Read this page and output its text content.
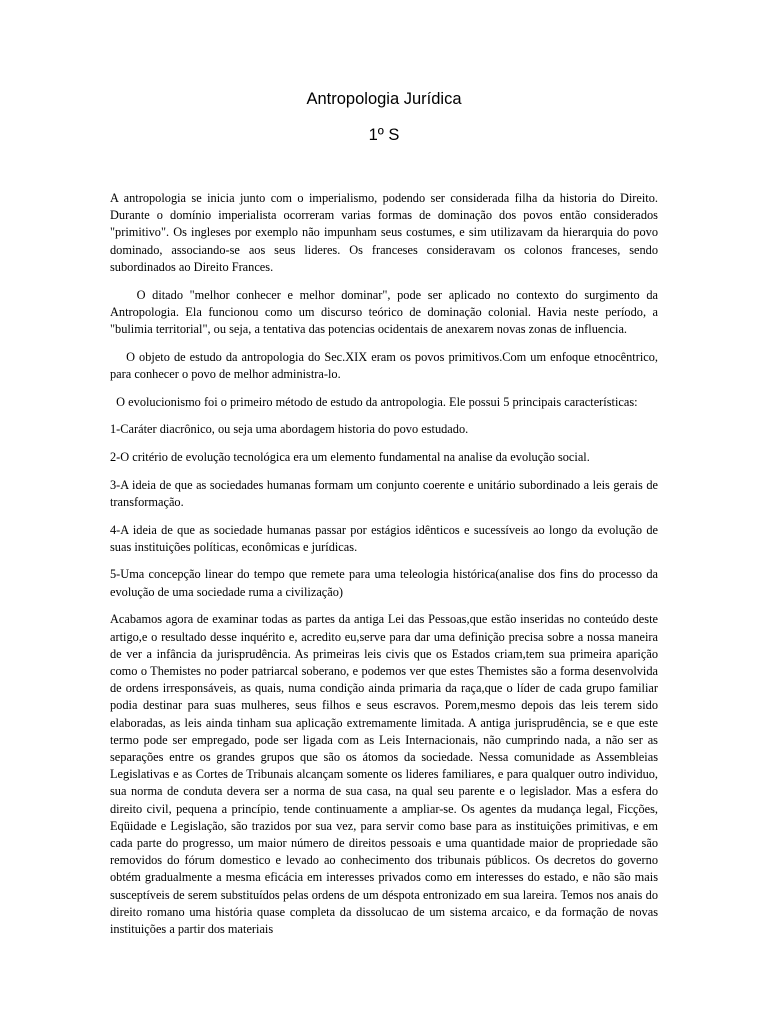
Antropologia Jurídica
1º S

A antropologia se inicia junto com o imperialismo, podendo ser considerada filha da historia do Direito. Durante o domínio imperialista ocorreram varias formas de dominação dos povos então considerados "primitivo". Os ingleses por exemplo não impunham seus costumes, e sim utilizavam da hierarquia do povo dominado, associando-se aos seus lideres. Os franceses consideravam os colonos franceses, sendo subordinados ao Direito Frances.

O ditado "melhor conhecer e melhor dominar", pode ser aplicado no contexto do surgimento da Antropologia. Ela funcionou como um discurso teórico de dominação colonial. Havia neste período, a "bulimia territorial", ou seja, a tentativa das potencias ocidentais de anexarem novas zonas de influencia.

O objeto de estudo da antropologia do Sec.XIX eram os povos primitivos.Com um enfoque etnocêntrico, para conhecer o povo de melhor administra-lo.

O evolucionismo foi o primeiro método de estudo da antropologia. Ele possui 5 principais características:

1-Caráter diacrônico, ou seja uma abordagem historia do povo estudado.

2-O critério de evolução tecnológica era um elemento fundamental na analise da evolução social.

3-A ideia de que as sociedades humanas formam um conjunto coerente e unitário subordinado a leis gerais de transformação.

4-A ideia de que as sociedade humanas passar por estágios idênticos e sucessíveis ao longo da evolução de suas instituições políticas, econômicas e jurídicas.

5-Uma concepção linear do tempo que remete para uma teleologia histórica(analise dos fins do processo da evolução de uma sociedade ruma a civilização)

Acabamos agora de examinar todas as partes da antiga Lei das Pessoas,que estão inseridas no conteúdo deste artigo,e o resultado desse inquérito e, acredito eu,serve para dar uma definição precisa sobre a nossa maneira de ver a infância da jurisprudência. As primeiras leis civis que os Estados criam,tem sua primeira aparição como o Themistes no poder patriarcal soberano, e podemos ver que estes Themistes são a forma desenvolvida de ordens irresponsáveis, as quais, numa condição ainda primaria da raça,que o líder de cada grupo familiar podia destinar para suas mulheres, seus filhos e seus escravos. Porem,mesmo depois das leis terem sido elaboradas, as leis ainda tinham sua aplicação extremamente limitada. A antiga jurisprudência, se e que este termo pode ser empregado, pode ser ligada com as Leis Internacionais, não cumprindo nada, a não ser as separações entre os grandes grupos que são os átomos da sociedade. Nessa comunidade as Assembleias Legislativas e as Cortes de Tribunais alcançam somente os lideres familiares, e para qualquer outro individuo, sua norma de conduta devera ser a norma de sua casa, na qual seu parente e o legislador. Mas a esfera do direito civil, pequena a princípio, tende continuamente a ampliar-se. Os agentes da mudança legal, Ficções, Eqüidade e Legislação, são trazidos por sua vez, para servir como base para as instituições primitivas, e em cada parte do progresso, um maior número de direitos pessoais e uma quantidade maior de propriedade são removidos do fórum domestico e levado ao conhecimento dos tribunais públicos. Os decretos do governo obtém gradualmente a mesma eficácia em interesses privados como em interesses do estado, e não são mais susceptíveis de serem substituídos pelas ordens de um déspota entronizado em sua lareira. Temos nos anais do direito romano uma história quase completa da dissolucao de um sistema arcaico, e da formação de novas instituições a partir dos materiais
